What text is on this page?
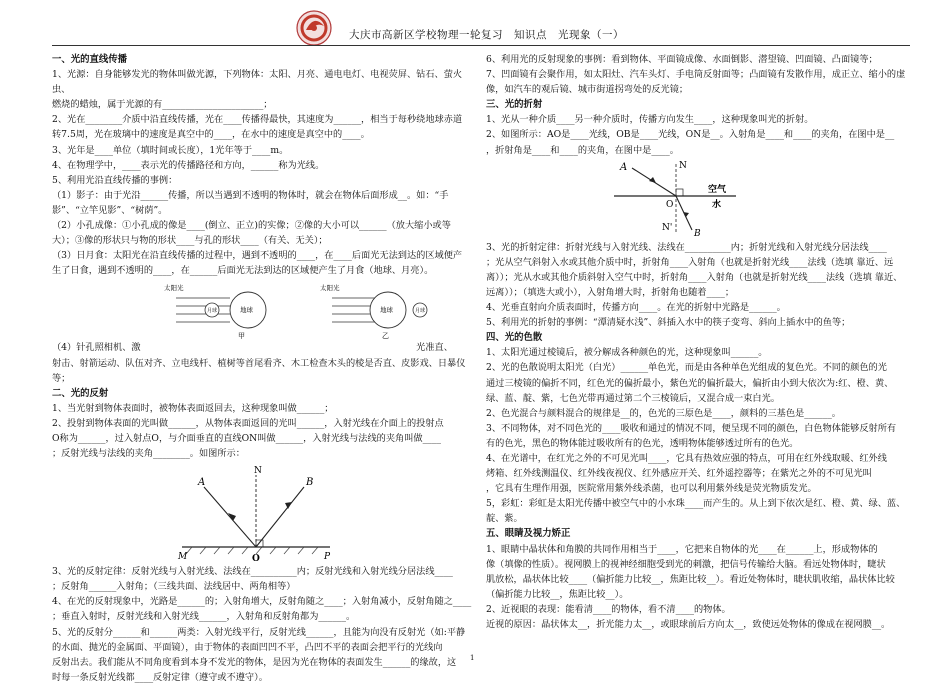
大庆市高新区学校物理一轮复习　知识点　光现象（一）

一、光的直线传播

1、光源：自身能够发光的物体叫做光源，下列物体：太阳、月亮、通电电灯、电视荧屏、钻石、萤火虫、

燃烧的蜡烛，属于光源的有______________________；

2、光在________介质中沿直线传播，光在____传播得最快，其速度为______，相当于每秒绕地球赤道

转7.5周，光在玻璃中的速度是真空中的____，在水中的速度是真空中的____。

3、光年是____单位（填时间或长度），1光年等于____m。

4、在物理学中，____表示光的传播路径和方向，______称为光线。

5、利用光沿直线传播的事例：

（1）影子：由于光沿______传播，所以当遇到不透明的物体时，就会在物体后面形成__。如：“手

影”、“立竿见影”、“树荫”。

（2）小孔成像：①小孔成的像是____(倒立、正立)的实像；②像的大小可以______（放大缩小或等

大）；③像的形状只与物的形状____与孔的形状____（有关、无关）；

（3）日月食：太阳光在沿直线传播的过程中，遇到不透明的____，在____后面光无法到达的区域便产

生了日食，遇到不透明的____，在______后面光无法到达的区域便产生了月食（地球、月亮）。

太阳光
月球	地球
甲
太阳光
地球	月球
乙

（4）针孔照相机、激　　　　　　　　　　　　　　　　　　　　　　　　　　　　　　光准直、

射击、射箭运动、队伍对齐、立电线杆、植树等首尾看齐、木工检查木头的棱是否直、皮影戏、日暴仪

等；

二、光的反射

1、当光射到物体表面时，被物体表面返回去，这种现象叫做______；

2、投射到物体表面的光叫做______，从物体表面返回的光叫______，入射光线在介面上的投射点

O称为______，过入射点O，与介面垂直的直线ON叫做______，入射光线与法线的夹角叫做____

；反射光线与法线的夹角________。如图所示：

A
N
B
M	O	P

3、光的反射定律：反射光线与入射光线、法线在__________内；反射光线和入射光线分居法线____

；反射角______入射角；（三线共面、法线居中、两角相等）

4、在光的反射现象中，光路是______的；入射角增大，反射角随之____；入射角减小，反射角随之____

；垂直入射时，反射光线和入射光线______，入射角和反射角都为______。

5、光的反射分______和______两类：入射光线平行，反射光线______，且能为向没有反射光（如:平静

的水面、抛光的金属面、平面镜），由于物体的表面凹凹不平，凸凹不平的表面会把平行的光线向

反射出去。我们能从不同角度看到本身不发光的物体，是因为光在物体的表面发生______的缘故，这

时每一条反射光线都____反射定律（遵守或不遵守）。

6、利用光的反射现象的事例：看到物体、平面镜成像、水面倒影、潜望镜、凹面镜、凸面镜等；

7、凹面镜有会聚作用，如太阳灶、汽车头灯、手电筒反射面等；凸面镜有发散作用，成正立、缩小的虚

像，如汽车的观后镜、城市街道拐弯处的反光镜；

三、光的折射

1、光从一种介质____另一种介质时，传播方向发生____，这种现象叫光的折射。

2、如图所示：AO是____光线，OB是____光线，ON是__。入射角是____和____的夹角，在图中是__

，折射角是____和____的夹角，在图中是____。

A	N
空气
水
O
N'
B

3、光的折射定律：折射光线与入射光线、法线在__________内；折射光线和入射光线分居法线____

；光从空气斜射入水或其他介质中时，折射角____入射角（也就是折射光线____法线（选填 靠近、远

离））；光从水或其他介质斜射入空气中时，折射角____入射角（也就是折射光线____法线（选填 靠近、

远离））；（填选大或小），入射角增大时，折射角也随着____；

4、光垂直射向介质表面时，传播方向____。在光的折射中光路是______。

5、利用光的折射的事例：“潭清疑水浅”、斜插入水中的筷子变弯、斜向上插水中的鱼等；

四、光的色散

1、太阳光通过棱镜后，被分解成各种颜色的光，这种现象叫______。

2、光的色散说明太阳光（白光）______单色光，而是由各种单色光组成的复色光。不同的颜色的光

通过三棱镜的偏折不同，红色光的偏折最小，紫色光的偏折最大，偏折由小到大依次为:红、橙、黄、

绿、蓝、靛、紫，七色光带再通过第二个三棱镜后，又混合成一束白光。

2、色光混合与颜料混合的规律是__的，色光的三原色是____，颜料的三基色是______。

3、不同物体，对不同色光的____吸收和通过的情况不同，便呈现不同的颜色，白色物体能够反射所有

有的色光，黑色的物体能过吸收所有的色光，透明物体能够透过所有的色光。

4、在光谱中，在红光之外的不可见光叫____，它具有热效应强的特点，可用在红外线取暖、红外线

烤箱、红外线测温仪、红外线夜视仪、红外感应开关、红外遥控器等；在紫光之外的不可见光叫

，它具有生理作用强，医院常用紫外线杀菌，也可以利用紫外线是荧光物质发光。

5，彩虹：彩虹是太阳光传播中被空气中的小水珠____而产生的。从上到下依次是红、橙、黄、绿、蓝、

靛、紫。

五、眼睛及视力矫正

1、眼睛中晶状体和角膜的共同作用相当于____，它把来自物体的光____在______上，形成物体的

像（填像的性质）。视网膜上的视神经细胞受到光的刺激，把信号传输给大脑。看远处物体时，睫状

肌放松，晶状体比较____（偏折能力比较__，焦距比较__）。看近处物体时，睫状肌收缩，晶状体比较

（偏折能力比较__，焦距比较__）。

2、近视眼的表现：能看清____的物体，看不清____的物体。

近视的原因：晶状体太__，折光能力太__，或眼球前后方向太__，致使远处物体的像成在视网膜__。

1
